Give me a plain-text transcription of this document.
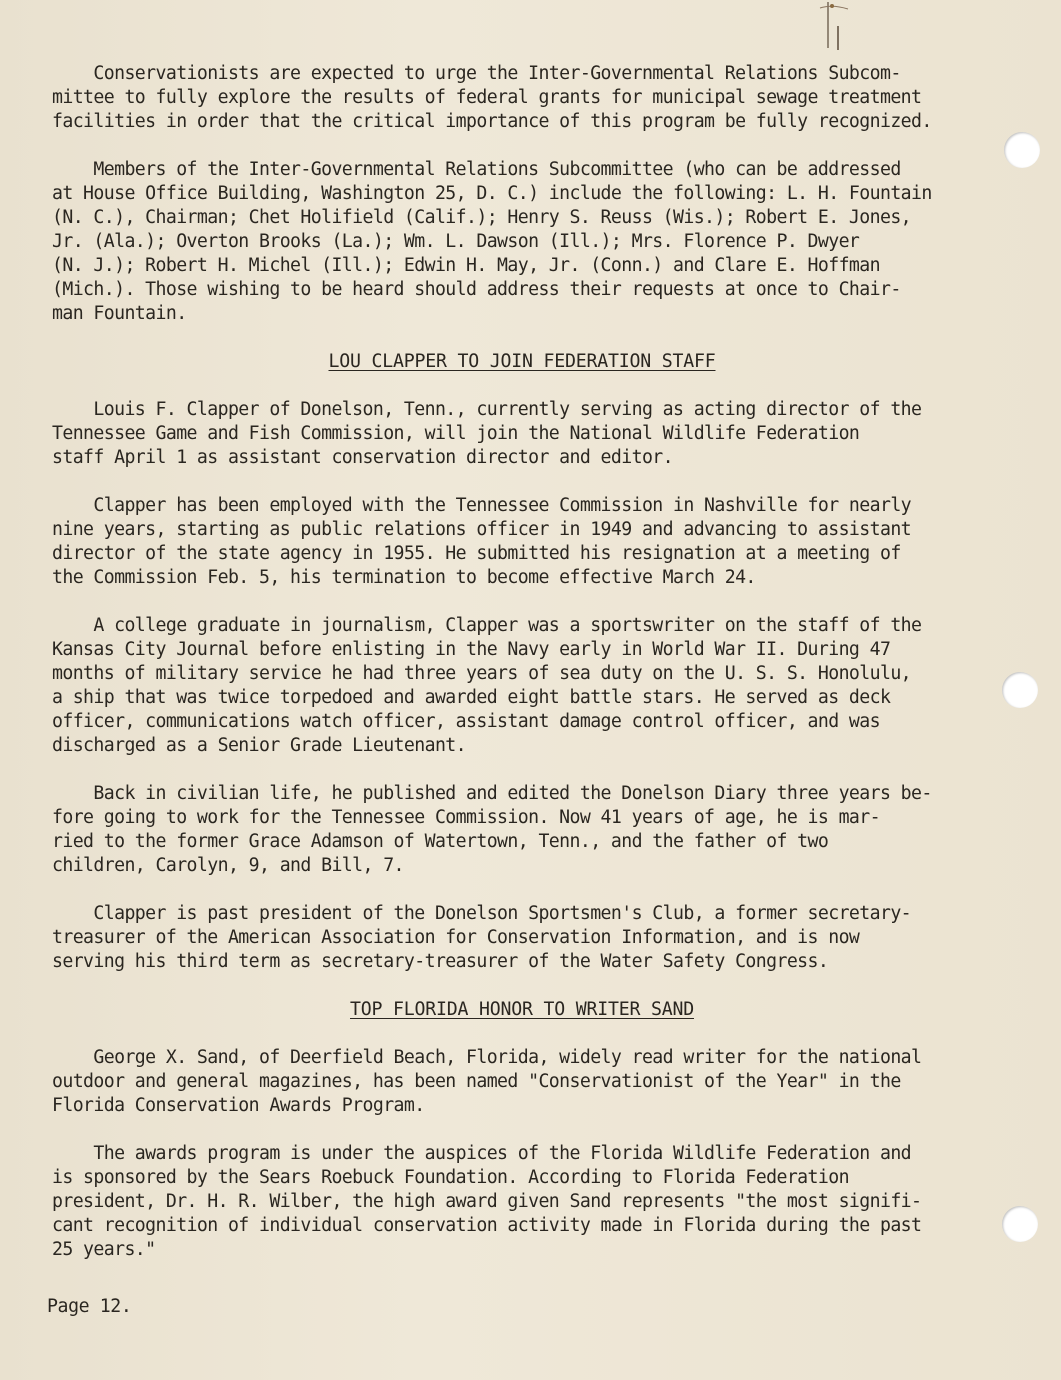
Conservationists are expected to urge the Inter-Governmental Relations Subcom-
mittee to fully explore the results of federal grants for municipal sewage treatment
facilities in order that the critical importance of this program be fully recognized.
Members of the Inter-Governmental Relations Subcommittee (who can be addressed
at House Office Building, Washington 25, D. C.) include the following: L. H. Fountain
(N. C.), Chairman; Chet Holifield (Calif.); Henry S. Reuss (Wis.); Robert E. Jones,
Jr. (Ala.); Overton Brooks (La.); Wm. L. Dawson (Ill.); Mrs. Florence P. Dwyer
(N. J.); Robert H. Michel (Ill.); Edwin H. May, Jr. (Conn.) and Clare E. Hoffman
(Mich.). Those wishing to be heard should address their requests at once to Chair-
man Fountain.
LOU CLAPPER TO JOIN FEDERATION STAFF
Louis F. Clapper of Donelson, Tenn., currently serving as acting director of the
Tennessee Game and Fish Commission, will join the National Wildlife Federation
staff April 1 as assistant conservation director and editor.
Clapper has been employed with the Tennessee Commission in Nashville for nearly
nine years, starting as public relations officer in 1949 and advancing to assistant
director of the state agency in 1955. He submitted his resignation at a meeting of
the Commission Feb. 5, his termination to become effective March 24.
A college graduate in journalism, Clapper was a sportswriter on the staff of the
Kansas City Journal before enlisting in the Navy early in World War II. During 47
months of military service he had three years of sea duty on the U. S. S. Honolulu,
a ship that was twice torpedoed and awarded eight battle stars. He served as deck
officer, communications watch officer, assistant damage control officer, and was
discharged as a Senior Grade Lieutenant.
Back in civilian life, he published and edited the Donelson Diary three years be-
fore going to work for the Tennessee Commission. Now 41 years of age, he is mar-
ried to the former Grace Adamson of Watertown, Tenn., and the father of two
children, Carolyn, 9, and Bill, 7.
Clapper is past president of the Donelson Sportsmen's Club, a former secretary-
treasurer of the American Association for Conservation Information, and is now
serving his third term as secretary-treasurer of the Water Safety Congress.
TOP FLORIDA HONOR TO WRITER SAND
George X. Sand, of Deerfield Beach, Florida, widely read writer for the national
outdoor and general magazines, has been named "Conservationist of the Year" in the
Florida Conservation Awards Program.
The awards program is under the auspices of the Florida Wildlife Federation and
is sponsored by the Sears Roebuck Foundation. According to Florida Federation
president, Dr. H. R. Wilber, the high award given Sand represents "the most signifi-
cant recognition of individual conservation activity made in Florida during the past
25 years."
Page 12.
